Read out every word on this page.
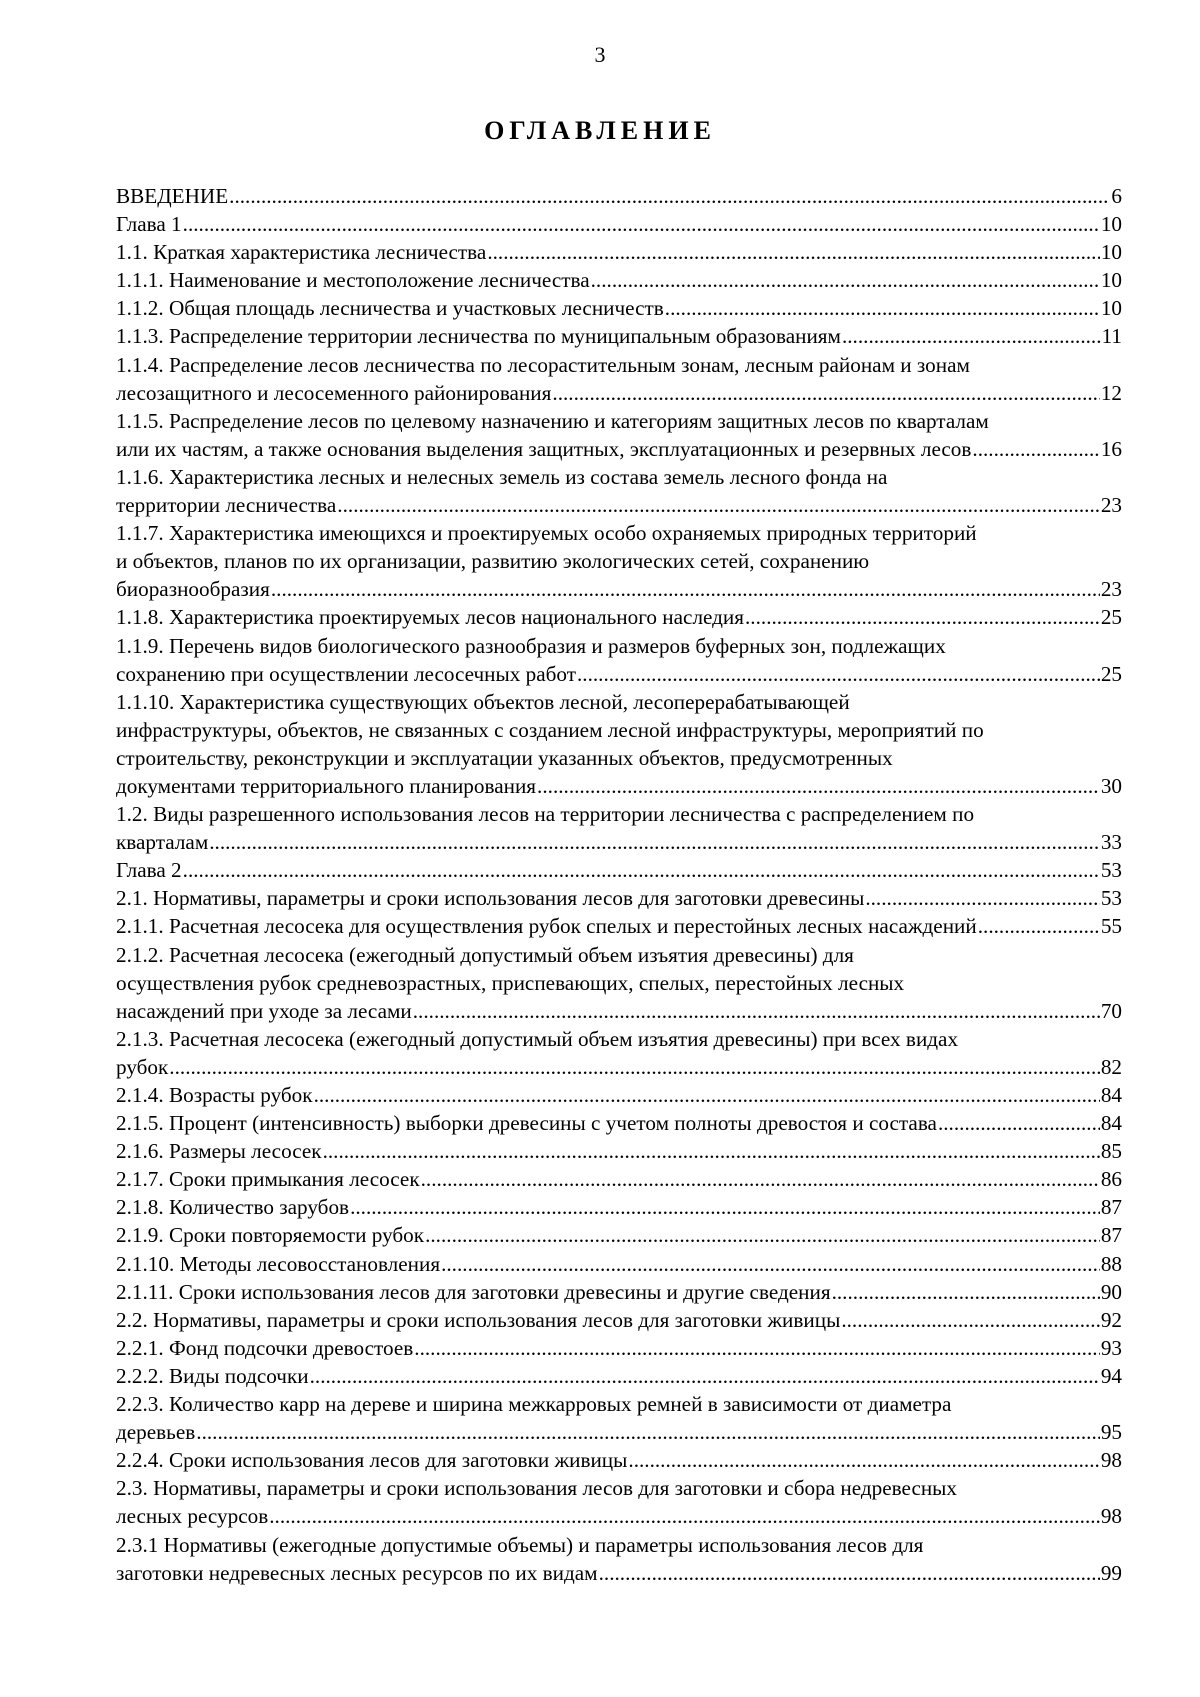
3
ОГЛАВЛЕНИЕ
ВВЕДЕНИЕ .....	6
Глава 1 .....	10
1.1. Краткая характеристика лесничества .....	10
1.1.1. Наименование и местоположение лесничества .....	10
1.1.2. Общая площадь лесничества и участковых лесничеств .....	10
1.1.3. Распределение территории лесничества по муниципальным образованиям .....	11
1.1.4. Распределение лесов лесничества по лесорастительным зонам, лесным районам и зонам
лесозащитного и лесосеменного районирования .....	12
1.1.5. Распределение лесов по целевому назначению и категориям защитных лесов по кварталам
или их частям, а также основания выделения защитных, эксплуатационных и резервных лесов .....	16
1.1.6. Характеристика лесных и нелесных земель из состава земель лесного фонда на
территории лесничества .....	23
1.1.7. Характеристика имеющихся и проектируемых особо охраняемых природных территорий
и объектов, планов по их организации, развитию экологических сетей, сохранению
биоразнообразия .....	23
1.1.8. Характеристика проектируемых лесов национального наследия .....	25
1.1.9. Перечень видов биологического разнообразия и размеров буферных зон, подлежащих
сохранению при осуществлении лесосечных работ .....	25
1.1.10. Характеристика существующих объектов лесной, лесоперерабатывающей
инфраструктуры, объектов, не связанных с созданием лесной инфраструктуры, мероприятий по
строительству, реконструкции и эксплуатации указанных объектов, предусмотренных
документами территориального планирования .....	30
1.2. Виды разрешенного использования лесов на территории лесничества с распределением по
кварталам .....	33
Глава 2 .....	53
2.1. Нормативы, параметры и сроки использования лесов для заготовки древесины .....	53
2.1.1. Расчетная лесосека для осуществления рубок спелых и перестойных лесных насаждений .....	55
2.1.2. Расчетная лесосека (ежегодный допустимый объем изъятия древесины) для
осуществления рубок средневозрастных, приспевающих, спелых, перестойных лесных
насаждений при уходе за лесами .....	70
2.1.3. Расчетная лесосека (ежегодный допустимый объем изъятия древесины) при всех видах
рубок .....	82
2.1.4. Возрасты рубок .....	84
2.1.5. Процент (интенсивность) выборки древесины с учетом полноты древостоя и состава .....	84
2.1.6. Размеры лесосек .....	85
2.1.7. Сроки примыкания лесосек .....	86
2.1.8. Количество зарубов .....	87
2.1.9. Сроки повторяемости рубок .....	87
2.1.10. Методы лесовосстановления .....	88
2.1.11. Сроки использования лесов для заготовки древесины и другие сведения .....	90
2.2. Нормативы, параметры и сроки использования лесов для заготовки живицы .....	92
2.2.1. Фонд подсочки древостоев .....	93
2.2.2. Виды подсочки .....	94
2.2.3. Количество карр на дереве и ширина межкарровых ремней в зависимости от диаметра
деревьев .....	95
2.2.4. Сроки использования лесов для заготовки живицы .....	98
2.3. Нормативы, параметры и сроки использования лесов для заготовки и сбора недревесных
лесных ресурсов .....	98
2.3.1 Нормативы (ежегодные допустимые объемы) и параметры использования лесов для
заготовки недревесных лесных ресурсов по их видам .....	99
